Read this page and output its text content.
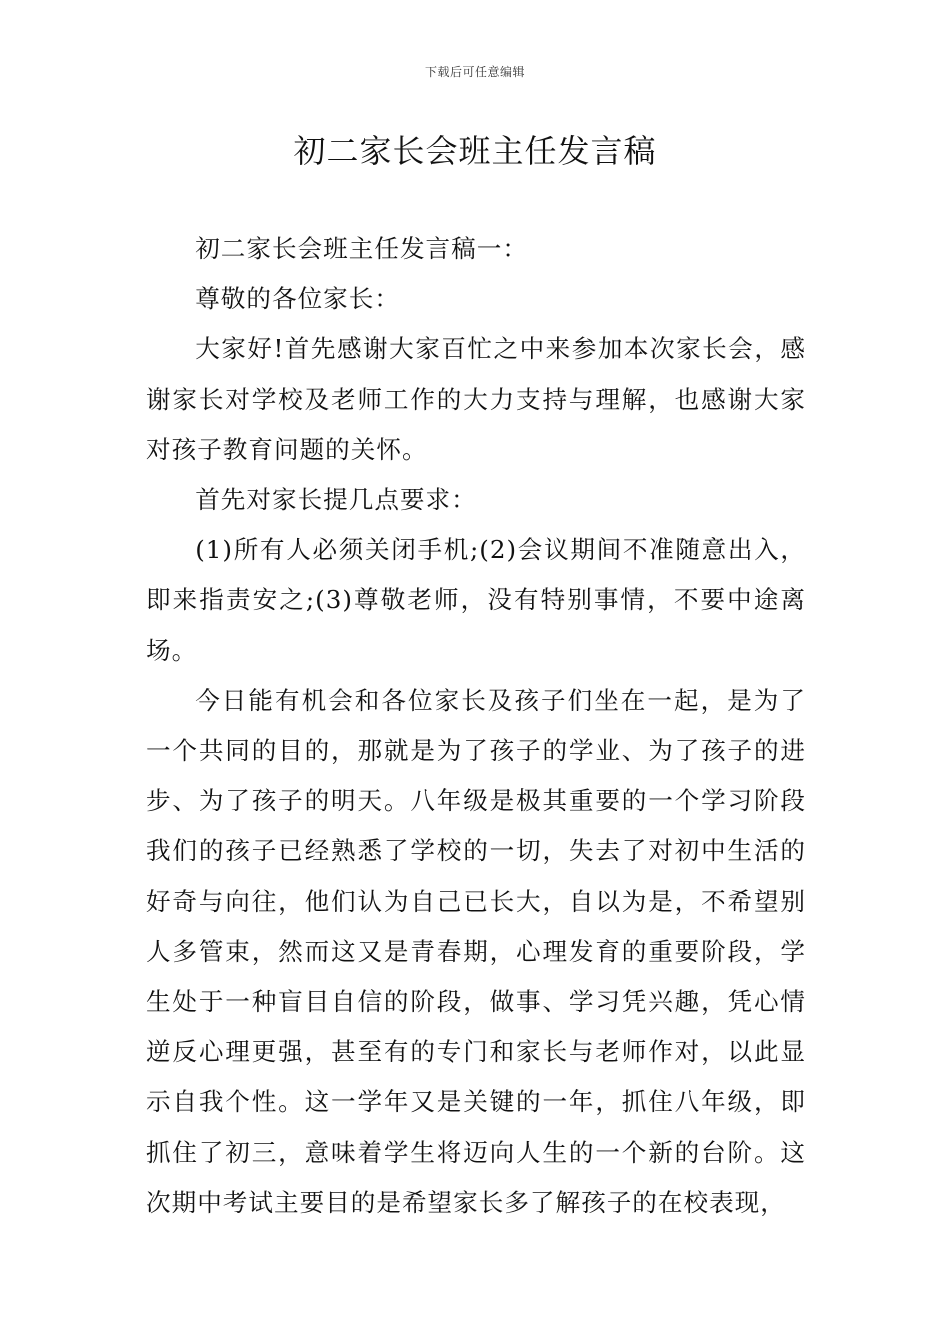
下载后可任意编辑
初二家长会班主任发言稿

初二家长会班主任发言稿一：

尊敬的各位家长：

大家好!首先感谢大家百忙之中来参加本次家长会，感谢家长对学校及老师工作的大力支持与理解，也感谢大家对孩子教育问题的关怀。

首先对家长提几点要求：

(1)所有人必须关闭手机;(2)会议期间不准随意出入，即来指责安之;(3)尊敬老师，没有特别事情，不要中途离场。

今日能有机会和各位家长及孩子们坐在一起，是为了一个共同的目的，那就是为了孩子的学业、为了孩子的进步、为了孩子的明天。八年级是极其重要的一个学习阶段我们的孩子已经熟悉了学校的一切，失去了对初中生活的好奇与向往，他们认为自己已长大，自以为是，不希望别人多管束，然而这又是青春期，心理发育的重要阶段，学生处于一种盲目自信的阶段，做事、学习凭兴趣，凭心情逆反心理更强，甚至有的专门和家长与老师作对，以此显示自我个性。这一学年又是关键的一年，抓住八年级，即抓住了初三，意味着学生将迈向人生的一个新的台阶。这次期中考试主要目的是希望家长多了解孩子的在校表现，
